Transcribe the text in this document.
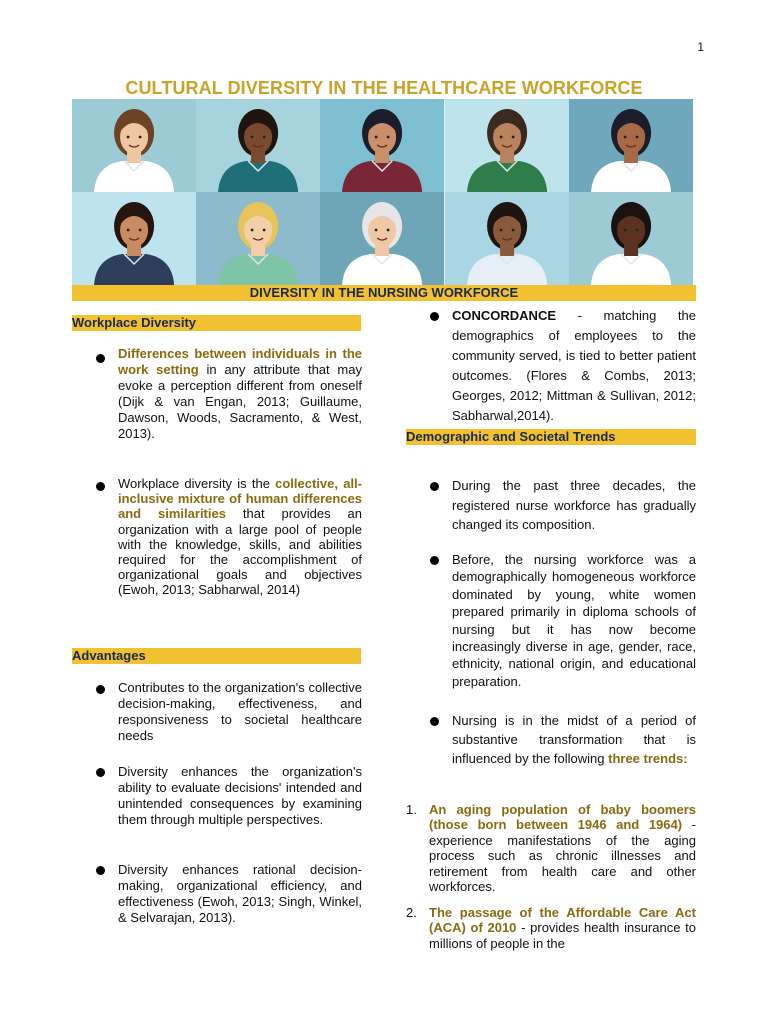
1
CULTURAL DIVERSITY IN THE HEALTHCARE WORKFORCE
DIVERSITY IN THE NURSING WORKFORCE
Workplace Diversity
Differences between individuals in the work setting in any attribute that may evoke a perception different from oneself (Dijk & van Engan, 2013; Guillaume, Dawson, Woods, Sacramento, & West, 2013).
Workplace diversity is the collective, all-inclusive mixture of human differences and similarities that provides an organization with a large pool of people with the knowledge, skills, and abilities required for the accomplishment of organizational goals and objectives (Ewoh, 2013; Sabharwal, 2014)
Advantages
Contributes to the organization's collective decision-making, effectiveness, and responsiveness to societal healthcare needs
Diversity enhances the organization's ability to evaluate decisions' intended and unintended consequences by examining them through multiple perspectives.
Diversity enhances rational decision-making, organizational efficiency, and effectiveness (Ewoh, 2013; Singh, Winkel, & Selvarajan, 2013).
CONCORDANCE - matching the demographics of employees to the community served, is tied to better patient outcomes. (Flores & Combs, 2013; Georges, 2012; Mittman & Sullivan, 2012; Sabharwal,2014).
Demographic and Societal Trends
During the past three decades, the registered nurse workforce has gradually changed its composition.
Before, the nursing workforce was a demographically homogeneous workforce dominated by young, white women prepared primarily in diploma schools of nursing but it has now become increasingly diverse in age, gender, race, ethnicity, national origin, and educational preparation.
Nursing is in the midst of a period of substantive transformation that is influenced by the following three trends:
1. An aging population of baby boomers (those born between 1946 and 1964) - experience manifestations of the aging process such as chronic illnesses and retirement from health care and other workforces.
2. The passage of the Affordable Care Act (ACA) of 2010 - provides health insurance to millions of people in the
